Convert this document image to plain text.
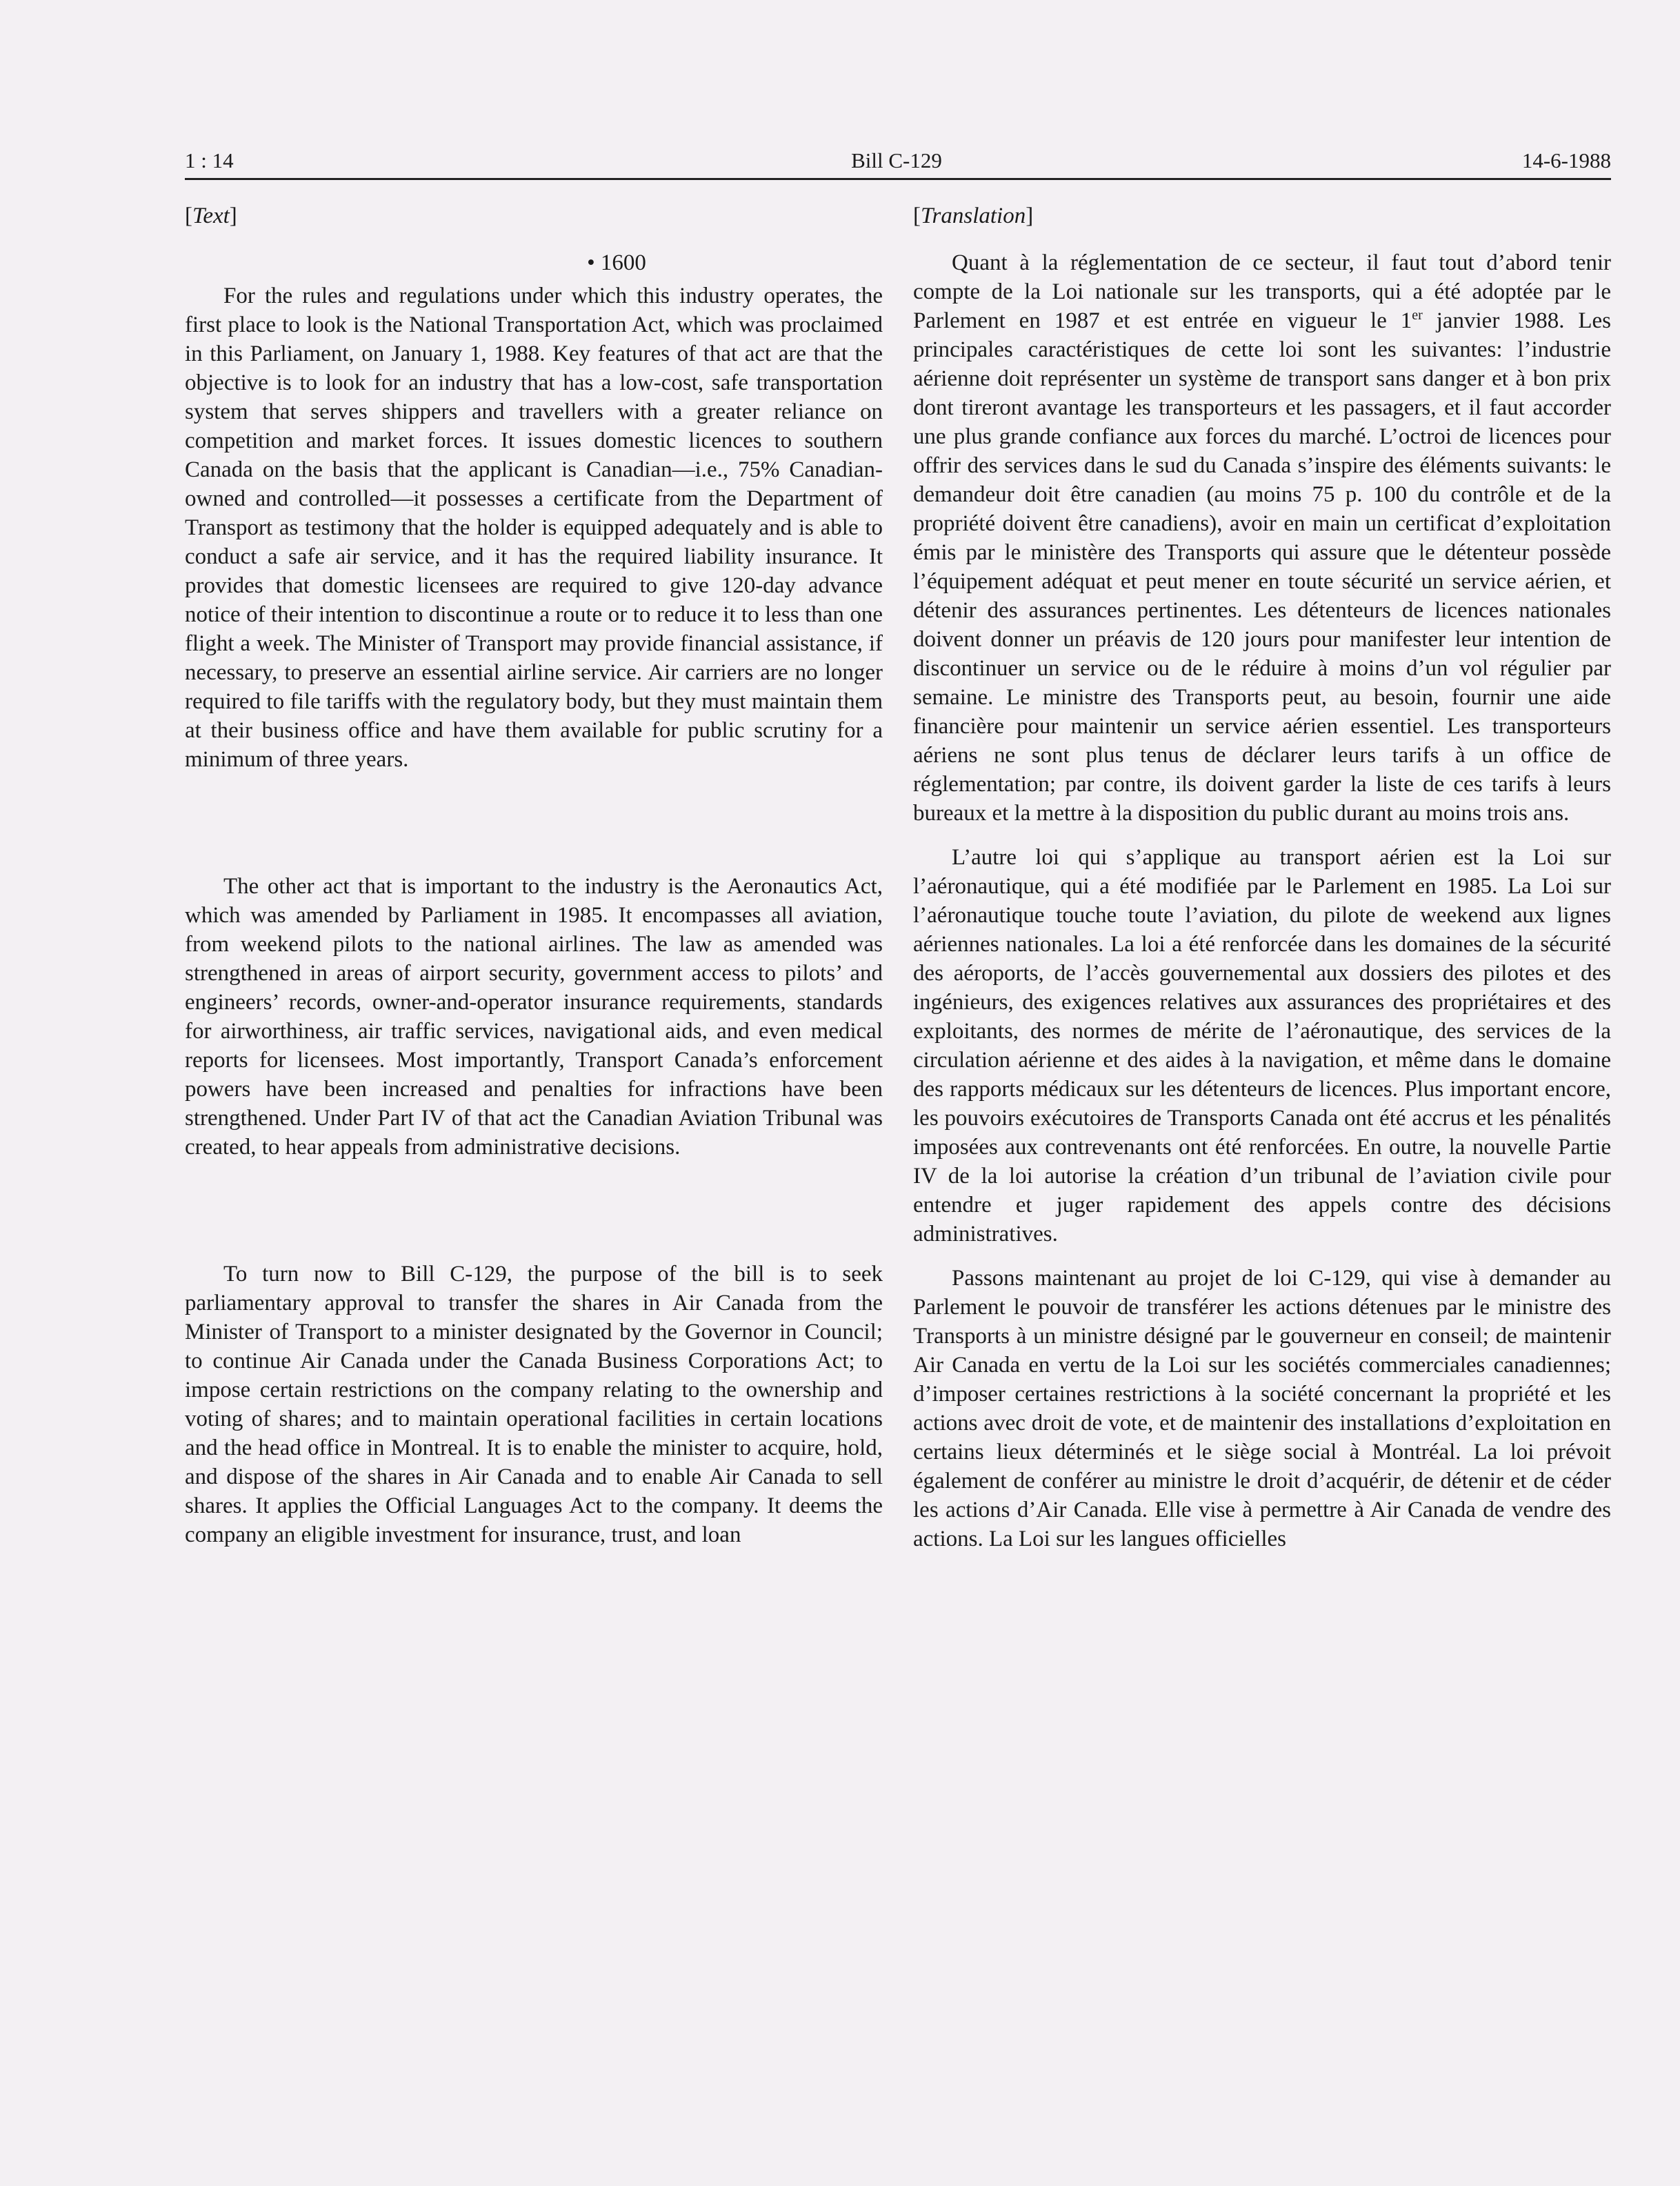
1 : 14	Bill C-129	14-6-1988
[Text]
• 1600

For the rules and regulations under which this industry operates, the first place to look is the National Transportation Act, which was proclaimed in this Parliament, on January 1, 1988. Key features of that act are that the objective is to look for an industry that has a low-cost, safe transportation system that serves shippers and travellers with a greater reliance on competition and market forces. It issues domestic licences to southern Canada on the basis that the applicant is Canadian—i.e., 75% Canadian-owned and controlled—it possesses a certificate from the Department of Transport as testimony that the holder is equipped adequately and is able to conduct a safe air service, and it has the required liability insurance. It provides that domestic licensees are required to give 120-day advance notice of their intention to discontinue a route or to reduce it to less than one flight a week. The Minister of Transport may provide financial assistance, if necessary, to preserve an essential airline service. Air carriers are no longer required to file tariffs with the regulatory body, but they must maintain them at their business office and have them available for public scrutiny for a minimum of three years.

The other act that is important to the industry is the Aeronautics Act, which was amended by Parliament in 1985. It encompasses all aviation, from weekend pilots to the national airlines. The law as amended was strengthened in areas of airport security, government access to pilots’ and engineers’ records, owner-and-operator insurance requirements, standards for airworthiness, air traffic services, navigational aids, and even medical reports for licensees. Most importantly, Transport Canada’s enforcement powers have been increased and penalties for infractions have been strengthened. Under Part IV of that act the Canadian Aviation Tribunal was created, to hear appeals from administrative decisions.

To turn now to Bill C-129, the purpose of the bill is to seek parliamentary approval to transfer the shares in Air Canada from the Minister of Transport to a minister designated by the Governor in Council; to continue Air Canada under the Canada Business Corporations Act; to impose certain restrictions on the company relating to the ownership and voting of shares; and to maintain operational facilities in certain locations and the head office in Montreal. It is to enable the minister to acquire, hold, and dispose of the shares in Air Canada and to enable Air Canada to sell shares. It applies the Official Languages Act to the company. It deems the company an eligible investment for insurance, trust, and loan

[Translation]

Quant à la réglementation de ce secteur, il faut tout d’abord tenir compte de la Loi nationale sur les transports, qui a été adoptée par le Parlement en 1987 et est entrée en vigueur le 1er janvier 1988. Les principales caractéristiques de cette loi sont les suivantes: l’industrie aérienne doit représenter un système de transport sans danger et à bon prix dont tireront avantage les transporteurs et les passagers, et il faut accorder une plus grande confiance aux forces du marché. L’octroi de licences pour offrir des services dans le sud du Canada s’inspire des éléments suivants: le demandeur doit être canadien (au moins 75 p. 100 du contrôle et de la propriété doivent être canadiens), avoir en main un certificat d’exploitation émis par le ministère des Transports qui assure que le détenteur possède l’équipement adéquat et peut mener en toute sécurité un service aérien, et détenir des assurances pertinentes. Les détenteurs de licences nationales doivent donner un préavis de 120 jours pour manifester leur intention de discontinuer un service ou de le réduire à moins d’un vol régulier par semaine. Le ministre des Transports peut, au besoin, fournir une aide financière pour maintenir un service aérien essentiel. Les transporteurs aériens ne sont plus tenus de déclarer leurs tarifs à un office de réglementation; par contre, ils doivent garder la liste de ces tarifs à leurs bureaux et la mettre à la disposition du public durant au moins trois ans.

L’autre loi qui s’applique au transport aérien est la Loi sur l’aéronautique, qui a été modifiée par le Parlement en 1985. La Loi sur l’aéronautique touche toute l’aviation, du pilote de weekend aux lignes aériennes nationales. La loi a été renforcée dans les domaines de la sécurité des aéroports, de l’accès gouvernemental aux dossiers des pilotes et des ingénieurs, des exigences relatives aux assurances des propriétaires et des exploitants, des normes de mérite de l’aéronautique, des services de la circulation aérienne et des aides à la navigation, et même dans le domaine des rapports médicaux sur les détenteurs de licences. Plus important encore, les pouvoirs exécutoires de Transports Canada ont été accrus et les pénalités imposées aux contrevenants ont été renforcées. En outre, la nouvelle Partie IV de la loi autorise la création d’un tribunal de l’aviation civile pour entendre et juger rapidement des appels contre des décisions administratives.

Passons maintenant au projet de loi C-129, qui vise à demander au Parlement le pouvoir de transférer les actions détenues par le ministre des Transports à un ministre désigné par le gouverneur en conseil; de maintenir Air Canada en vertu de la Loi sur les sociétés commerciales canadiennes; d’imposer certaines restrictions à la société concernant la propriété et les actions avec droit de vote, et de maintenir des installations d’exploitation en certains lieux déterminés et le siège social à Montréal. La loi prévoit également de conférer au ministre le droit d’acquérir, de détenir et de céder les actions d’Air Canada. Elle vise à permettre à Air Canada de vendre des actions. La Loi sur les langues officielles
